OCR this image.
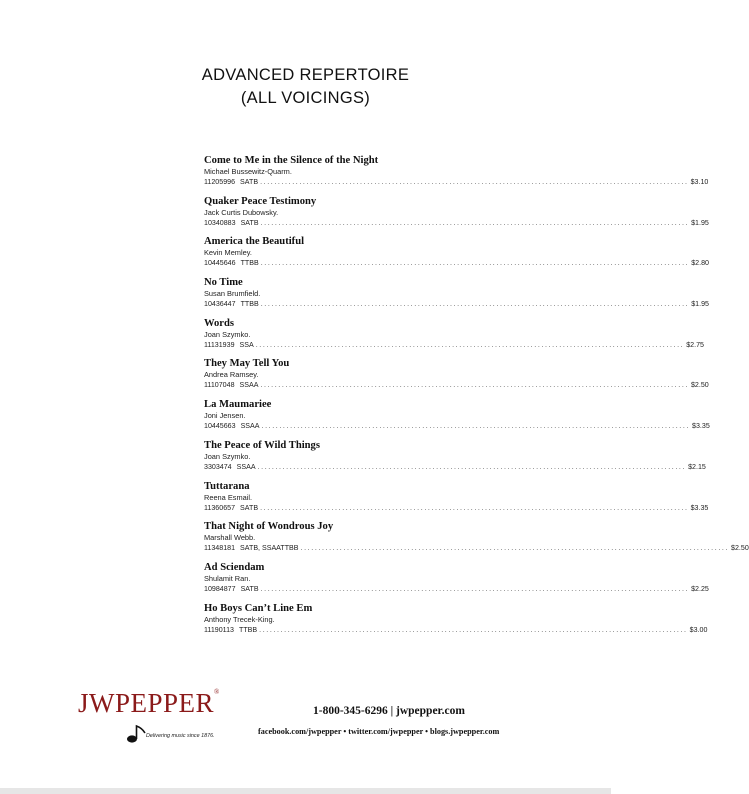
ADVANCED REPERTOIRE
(ALL VOICINGS)
Come to Me in the Silence of the Night
Michael Bussewitz-Quarm.
11205996 SATB ........................................................................................................................ $3.10
Quaker Peace Testimony
Jack Curtis Dubowsky.
10340883 SATB ........................................................................................................................ $1.95
America the Beautiful
Kevin Memley.
10445646 TTBB ........................................................................................................................ $2.80
No Time
Susan Brumfield.
10436447 TTBB ........................................................................................................................ $1.95
Words
Joan Szymko.
11131939 SSA ........................................................................................................................ $2.75
They May Tell You
Andrea Ramsey.
11107048 SSAA ........................................................................................................................ $2.50
La Maumariee
Joni Jensen.
10445663 SSAA ........................................................................................................................ $3.35
The Peace of Wild Things
Joan Szymko.
3303474 SSAA ........................................................................................................................ $2.15
Tuttarana
Reena Esmail.
11360657 SATB ........................................................................................................................ $3.35
That Night of Wondrous Joy
Marshall Webb.
11348181 SATB, SSAATTBB ........................................................................................................................ $2.50
Ad Sciendam
Shulamit Ran.
10984877 SATB ........................................................................................................................ $2.25
Ho Boys Can’t Line Em
Anthony Trecek-King.
11190113 TTBB ........................................................................................................................ $3.00
JWPEPPER®
Delivering music since 1876.
1-800-345-6296 | jwpepper.com
facebook.com/jwpepper • twitter.com/jwpepper • blogs.jwpepper.com
